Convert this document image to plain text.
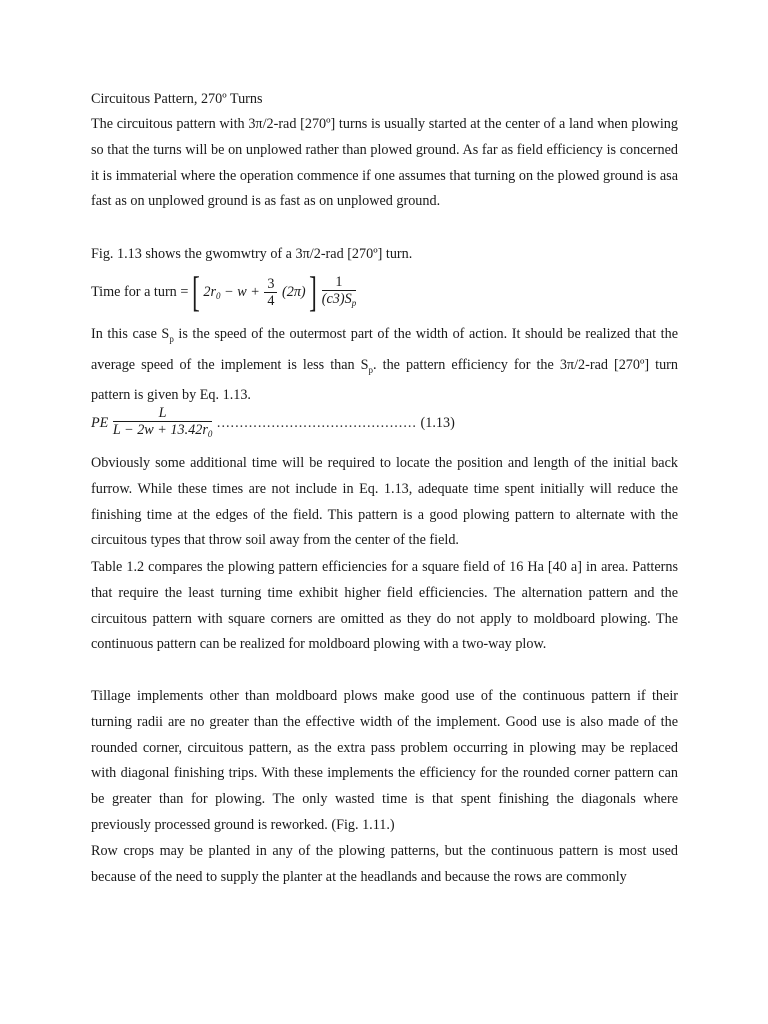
Circuitous Pattern, 270º Turns

The circuitous pattern with 3π/2-rad [270º] turns is usually started at the center of a land when plowing so that the turns will be on unplowed rather than plowed ground. As far as field efficiency is concerned it is immaterial where the operation commence if one assumes that turning on the plowed ground is asa fast as on unplowed ground is as fast as on unplowed ground.

Fig. 1.13 shows the gwomwtry of a 3π/2-rad [270º] turn.

Time for a turn = [ $2r_0 - w + \frac{3}{4} (2\pi)$ ] $\frac{1}{(c3)S_p}$

In this case $S_p$ is the speed of the outermost part of the width of action. It should be realized that the average speed of the implement is less than $S_p$. the pattern efficiency for the 3π/2-rad [270º] turn pattern is given by Eq. 1.13.

PE $\frac{L}{L - 2w + 13.42r_0}$ ............................................ (1.13)

Obviously some additional time will be required to locate the position and length of the initial back furrow. While these times are not include in Eq. 1.13, adequate time spent initially will reduce the finishing time at the edges of the field. This pattern is a good plowing pattern to alternate with the circuitous types that throw soil away from the center of the field.

Table 1.2 compares the plowing pattern efficiencies for a square field of 16 Ha [40 a] in area. Patterns that require the least turning time exhibit higher field efficiencies. The alternation pattern and the circuitous pattern with square corners are omitted as they do not apply to moldboard plowing. The continuous pattern can be realized for moldboard plowing with a two-way plow.

Tillage implements other than moldboard plows make good use of the continuous pattern if their turning radii are no greater than the effective width of the implement. Good use is also made of the rounded corner, circuitous pattern, as the extra pass problem occurring in plowing may be replaced with diagonal finishing trips. With these implements the efficiency for the rounded corner pattern can be greater than for plowing. The only wasted time is that spent finishing the diagonals where previously processed ground is reworked. (Fig. 1.11.)

Row crops may be planted in any of the plowing patterns, but the continuous pattern is most used because of the need to supply the planter at the headlands and because the rows are commonly
